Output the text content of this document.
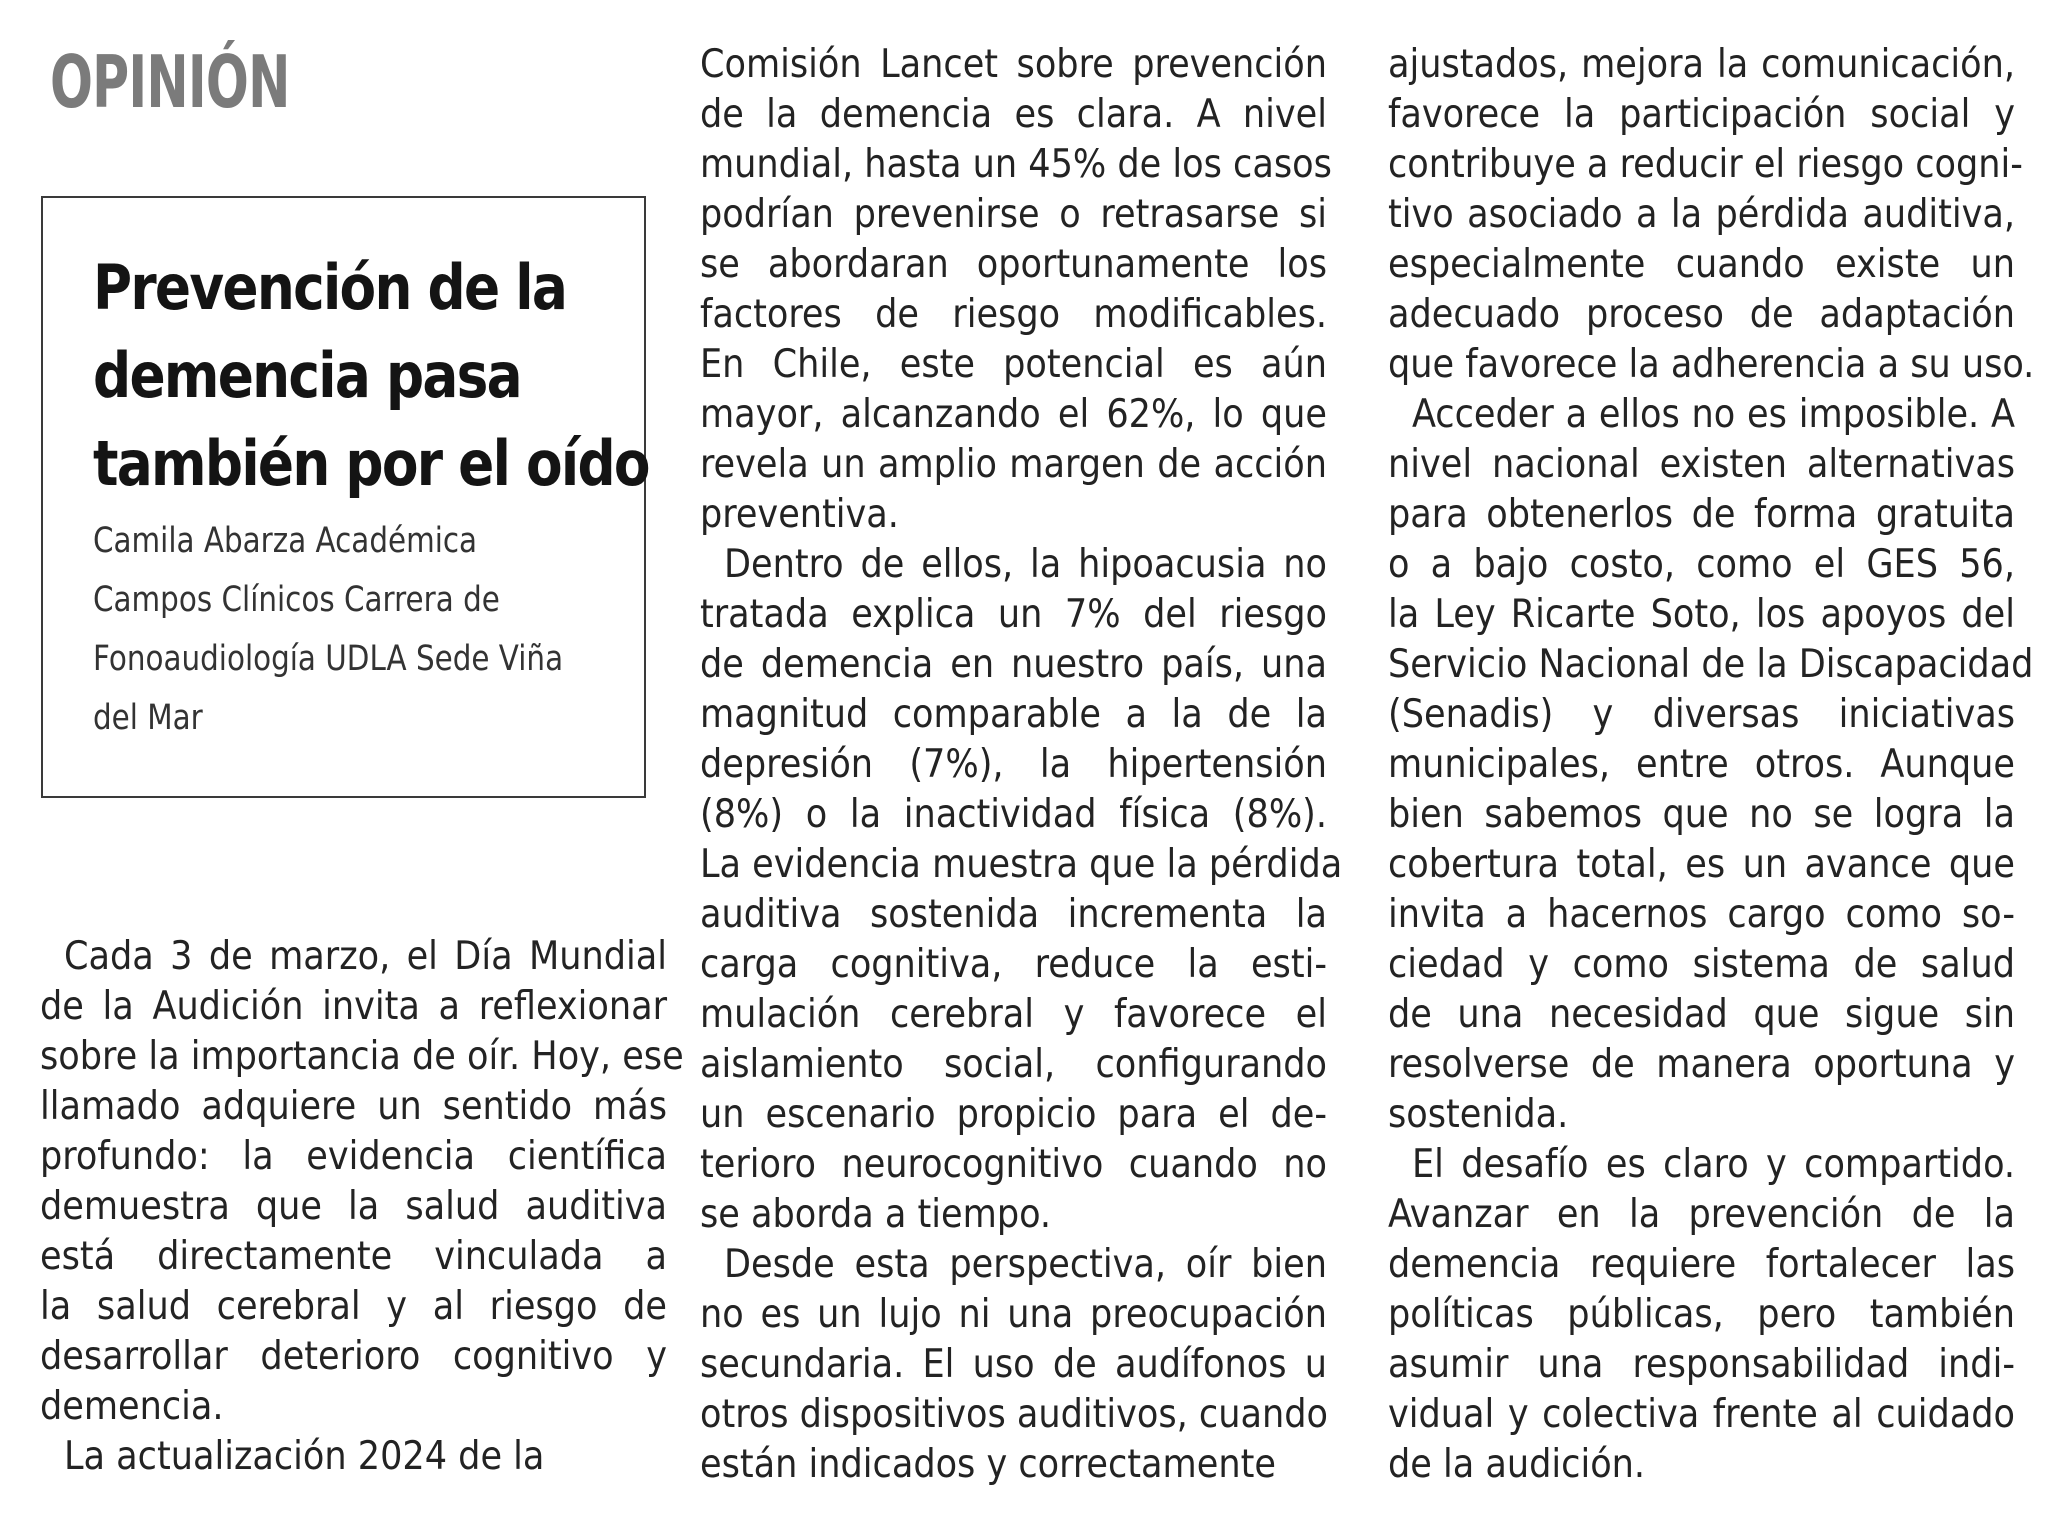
OPINIÓN
Prevención de la
demencia pasa
también por el oído
Camila Abarza Académica
Campos Clínicos Carrera de
Fonoaudiología UDLA Sede Viña
del Mar

Cada 3 de marzo, el Día Mundial
de la Audición invita a reflexionar
sobre la importancia de oír. Hoy, ese
llamado adquiere un sentido más
profundo: la evidencia científica
demuestra que la salud auditiva
está directamente vinculada a
la salud cerebral y al riesgo de
desarrollar deterioro cognitivo y
demencia.

La actualización 2024 de la

Comisión Lancet sobre prevención
de la demencia es clara. A nivel
mundial, hasta un 45% de los casos
podrían prevenirse o retrasarse si
se abordaran oportunamente los
factores de riesgo modificables.
En Chile, este potencial es aún
mayor, alcanzando el 62%, lo que
revela un amplio margen de acción
preventiva.

Dentro de ellos, la hipoacusia no
tratada explica un 7% del riesgo
de demencia en nuestro país, una
magnitud comparable a la de la
depresión (7%), la hipertensión
(8%) o la inactividad física (8%).
La evidencia muestra que la pérdida
auditiva sostenida incrementa la
carga cognitiva, reduce la esti-
mulación cerebral y favorece el
aislamiento social, configurando
un escenario propicio para el de-
terioro neurocognitivo cuando no
se aborda a tiempo.

Desde esta perspectiva, oír bien
no es un lujo ni una preocupación
secundaria. El uso de audífonos u
otros dispositivos auditivos, cuando
están indicados y correctamente

ajustados, mejora la comunicación,
favorece la participación social y
contribuye a reducir el riesgo cogni-
tivo asociado a la pérdida auditiva,
especialmente cuando existe un
adecuado proceso de adaptación
que favorece la adherencia a su uso.

Acceder a ellos no es imposible. A
nivel nacional existen alternativas
para obtenerlos de forma gratuita
o a bajo costo, como el GES 56,
la Ley Ricarte Soto, los apoyos del
Servicio Nacional de la Discapacidad
(Senadis) y diversas iniciativas
municipales, entre otros. Aunque
bien sabemos que no se logra la
cobertura total, es un avance que
invita a hacernos cargo como so-
ciedad y como sistema de salud
de una necesidad que sigue sin
resolverse de manera oportuna y
sostenida.

El desafío es claro y compartido.
Avanzar en la prevención de la
demencia requiere fortalecer las
políticas públicas, pero también
asumir una responsabilidad indi-
vidual y colectiva frente al cuidado
de la audición.
